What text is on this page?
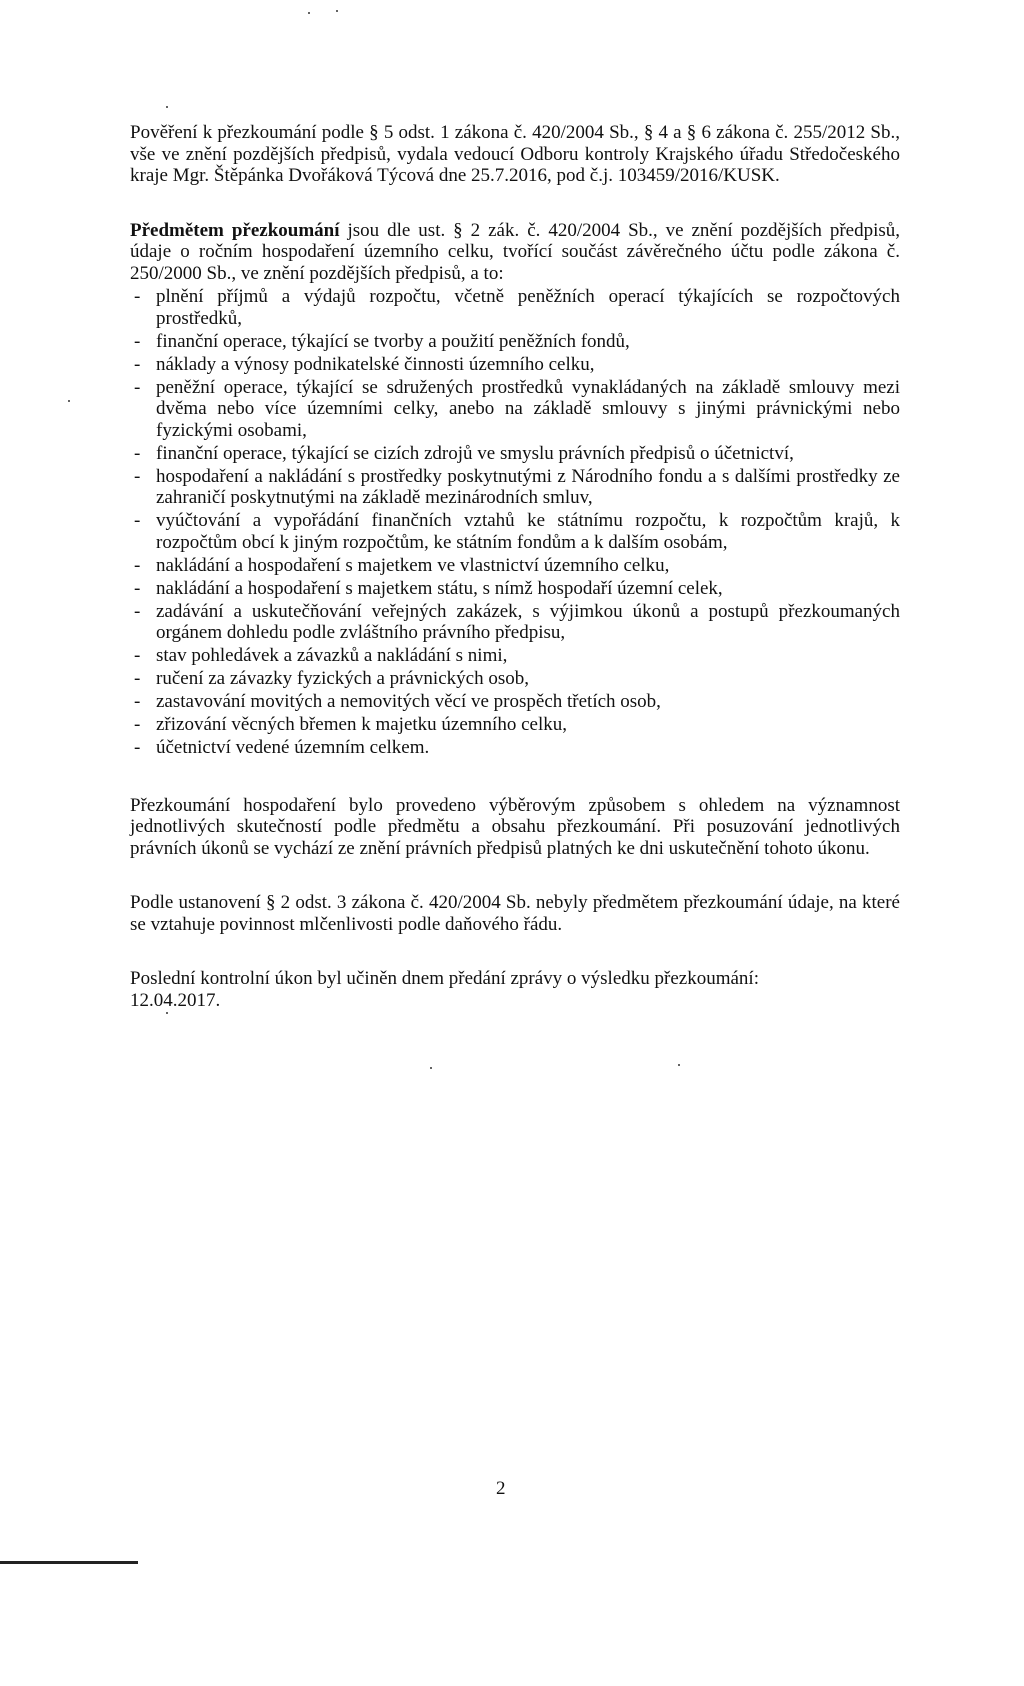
Pověření k přezkoumání podle § 5 odst. 1 zákona č. 420/2004 Sb., § 4 a § 6 zákona č. 255/2012 Sb., vše ve znění pozdějších předpisů, vydala vedoucí Odboru kontroly Krajského úřadu Středočeského kraje Mgr. Štěpánka Dvořáková Týcová dne 25.7.2016, pod č.j. 103459/2016/KUSK.

Předmětem přezkoumání jsou dle ust. § 2 zák. č. 420/2004 Sb., ve znění pozdějších předpisů, údaje o ročním hospodaření územního celku, tvořící součást závěrečného účtu podle zákona č. 250/2000 Sb., ve znění pozdějších předpisů, a to:

- plnění příjmů a výdajů rozpočtu, včetně peněžních operací týkajících se rozpočtových prostředků,
- finanční operace, týkající se tvorby a použití peněžních fondů,
- náklady a výnosy podnikatelské činnosti územního celku,
- peněžní operace, týkající se sdružených prostředků vynakládaných na základě smlouvy mezi dvěma nebo více územními celky, anebo na základě smlouvy s jinými právnickými nebo fyzickými osobami,
- finanční operace, týkající se cizích zdrojů ve smyslu právních předpisů o účetnictví,
- hospodaření a nakládání s prostředky poskytnutými z Národního fondu a s dalšími prostředky ze zahraničí poskytnutými na základě mezinárodních smluv,
- vyúčtování a vypořádání finančních vztahů ke státnímu rozpočtu, k rozpočtům krajů, k rozpočtům obcí k jiným rozpočtům, ke státním fondům a k dalším osobám,
- nakládání a hospodaření s majetkem ve vlastnictví územního celku,
- nakládání a hospodaření s majetkem státu, s nímž hospodaří územní celek,
- zadávání a uskutečňování veřejných zakázek, s výjimkou úkonů a postupů přezkoumaných orgánem dohledu podle zvláštního právního předpisu,
- stav pohledávek a závazků a nakládání s nimi,
- ručení za závazky fyzických a právnických osob,
- zastavování movitých a nemovitých věcí ve prospěch třetích osob,
- zřizování věcných břemen k majetku územního celku,
- účetnictví vedené územním celkem.

Přezkoumání hospodaření bylo provedeno výběrovým způsobem s ohledem na významnost jednotlivých skutečností podle předmětu a obsahu přezkoumání. Při posuzování jednotlivých právních úkonů se vychází ze znění právních předpisů platných ke dni uskutečnění tohoto úkonu.

Podle ustanovení § 2 odst. 3 zákona č. 420/2004 Sb. nebyly předmětem přezkoumání údaje, na které se vztahuje povinnost mlčenlivosti podle daňového řádu.

Poslední kontrolní úkon byl učiněn dnem předání zprávy o výsledku přezkoumání:
12.04.2017.

2
